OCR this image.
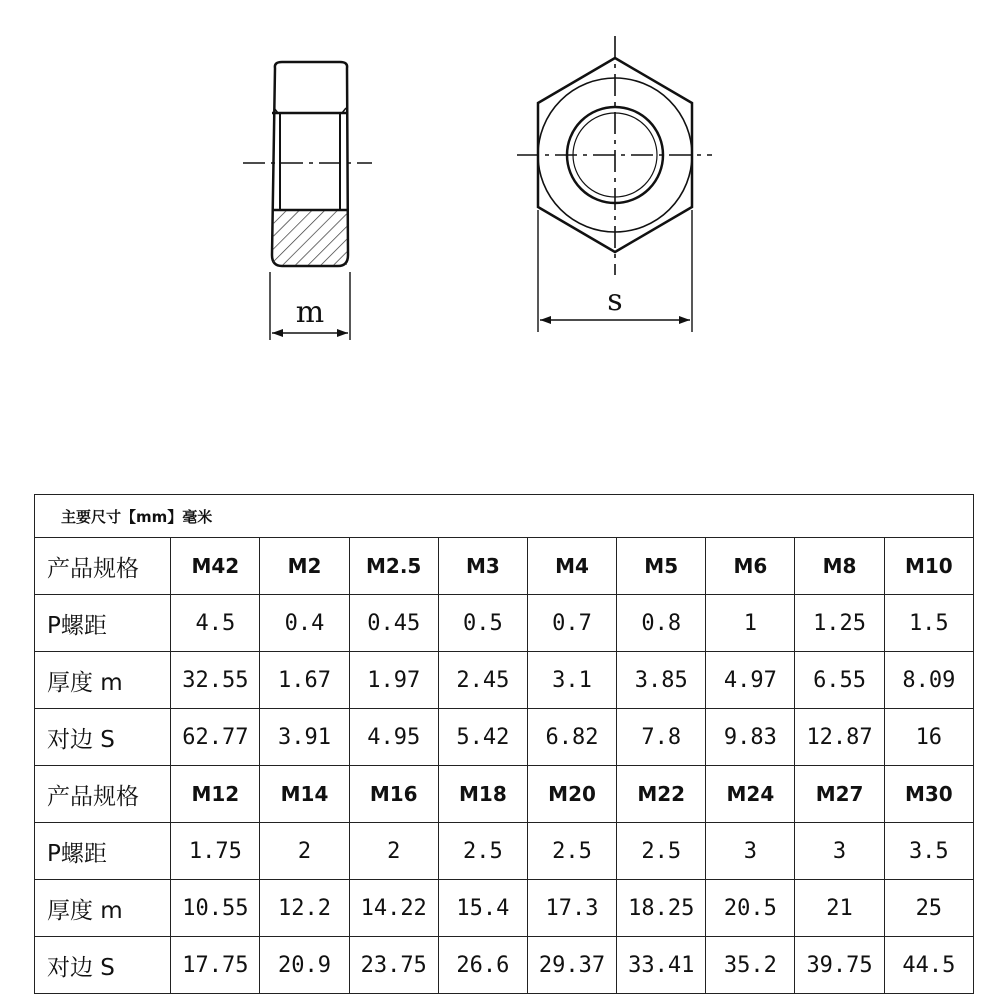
m	s
主要尺寸【mm】毫米									
产品规格	M42	M2	M2.5	M3	M4	M5	M6	M8	M10
P螺距	4.5	0.4	0.45	0.5	0.7	0.8	1	1.25	1.5
厚度 m	32.55	1.67	1.97	2.45	3.1	3.85	4.97	6.55	8.09
对边 S	62.77	3.91	4.95	5.42	6.82	7.8	9.83	12.87	16
产品规格	M12	M14	M16	M18	M20	M22	M24	M27	M30
P螺距	1.75	2	2	2.5	2.5	2.5	3	3	3.5
厚度 m	10.55	12.2	14.22	15.4	17.3	18.25	20.5	21	25
对边 S	17.75	20.9	23.75	26.6	29.37	33.41	35.2	39.75	44.5
